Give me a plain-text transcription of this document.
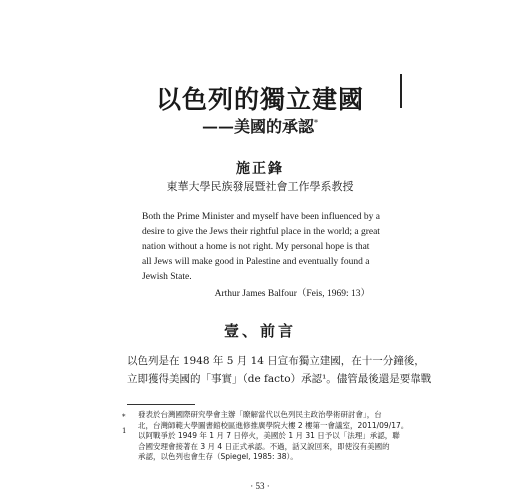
以色列的獨立建國
——美國的承認*
施正鋒
東華大學民族發展暨社會工作學系教授
Both the Prime Minister and myself have been influenced by a
desire to give the Jews their rightful place in the world; a great
nation without a home is not right. My personal hope is that
all Jews will make good in Palestine and eventually found a
Jewish State.
Arthur James Balfour（Feis, 1969: 13）
壹、前言
以色列是在 1948 年 5 月 14 日宣布獨立建國，在十一分鐘後，
立即獲得美國的「事實」（de facto）承認¹。儘管最後還是要靠戰
*
1
發表於台灣國際研究學會主辦「瞭解當代以色列民主政治學術研討會」，台
北，台灣師範大學圖書館校區進修推廣學院大樓 2 樓第一會議室，2011/09/17。
以阿戰爭於 1949 年 1 月 7 日停火，美國於 1 月 31 日予以「法理」承認，聯
合國安理會接著在 3 月 4 日正式承認。不過，話又說回來，即使沒有美國的
承認，以色列也會生存（Spiegel, 1985: 38）。
· 53 ·
